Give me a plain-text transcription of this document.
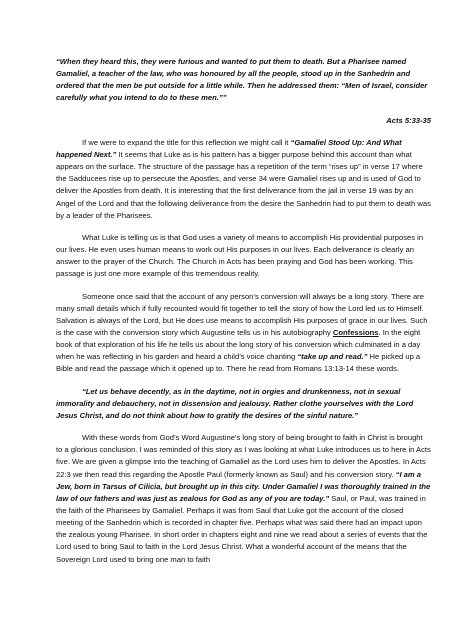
“When they heard this, they were furious and wanted to put them to death. But a Pharisee named Gamaliel, a teacher of the law, who was honoured by all the people, stood up in the Sanhedrin and ordered that the men be put outside for a little while. Then he addressed them: “Men of Israel, consider carefully what you intend to do to these men.””

Acts 5:33-35

If we were to expand the title for this reflection we might call it “Gamaliel Stood Up: And What happened Next.” It seems that Luke as is his pattern has a bigger purpose behind this account than what appears on the surface. The structure of the passage has a repetition of the term “rises up” in verse 17 where the Sadducees rise up to persecute the Apostles, and verse 34 were Gamaliel rises up and is used of God to deliver the Apostles from death. It is interesting that the first deliverance from the jail in verse 19 was by an Angel of the Lord and that the following deliverance from the desire the Sanhedrin had to put them to death was by a leader of the Pharisees.

What Luke is telling us is that God uses a variety of means to accomplish His providential purposes in our lives. He even uses human means to work out His purposes in our lives. Each deliverance is clearly an answer to the prayer of the Church. The Church in Acts has been praying and God has been working. This passage is just one more example of this tremendous reality.

Someone once said that the account of any person’s conversion will always be a long story. There are many small details which if fully recounted would fit together to tell the story of how the Lord led us to Himself. Salvation is always of the Lord, but He does use means to accomplish His purposes of grace in our lives. Such is the case with the conversion story which Augustine tells us in his autobiography Confessions. In the eight book of that exploration of his life he tells us about the long story of his conversion which culminated in a day when he was reflecting in his garden and heard a child’s voice chanting “take up and read.” He picked up a Bible and read the passage which it opened up to. There he read from Romans 13:13-14 these words.

“Let us behave decently, as in the daytime, not in orgies and drunkenness, not in sexual immorality and debauchery, not in dissension and jealousy. Rather clothe yourselves with the Lord Jesus Christ, and do not think about how to gratify the desires of the sinful nature.”

With these words from God’s Word Augustine’s long story of being brought to faith in Christ is brought to a glorious conclusion. I was reminded of this story as I was looking at what Luke introduces us to here in Acts five. We are given a glimpse into the teaching of Gamaliel as the Lord uses him to deliver the Apostles. In Acts 22:3 we then read this regarding the Apostle Paul (formerly known as Saul) and his conversion story. “I am a Jew, born in Tarsus of Cilicia, but brought up in this city. Under Gamaliel I was thoroughly trained in the law of our fathers and was just as zealous for God as any of you are today.” Saul, or Paul, was trained in the faith of the Pharisees by Gamaliel. Perhaps it was from Saul that Luke got the account of the closed meeting of the Sanhedrin which is recorded in chapter five. Perhaps what was said there had an impact upon the zealous young Pharisee. In short order in chapters eight and nine we read about a series of events that the Lord used to bring Saul to faith in the Lord Jesus Christ. What a wonderful account of the means that the Sovereign Lord used to bring one man to faith
